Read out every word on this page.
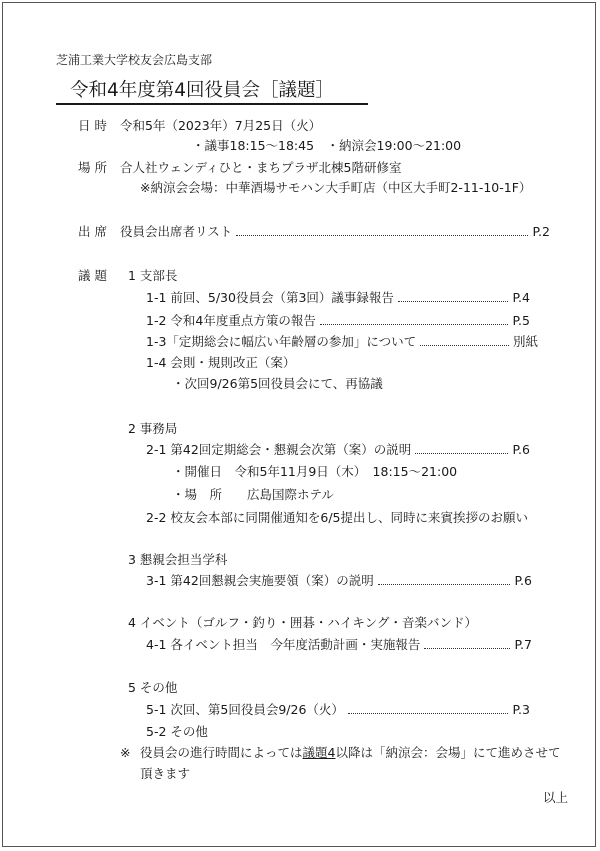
芝浦工業大学校友会広島支部
令和4年度第4回役員会［議題］
日 時 令和5年（2023年）7月25日（火）
・議事18:15～18:45　・納涼会19:00～21:00
場 所 合人社ウェンディひと・まちプラザ北棟5階研修室
※納涼会会場：中華酒場サモハン大手町店（中区大手町2-11-10-1F）
出 席 役員会出席者リスト	P.2
議 題 1 支部長
1-1 前回、5/30役員会（第3回）議事録報告	P.4
1-2 令和4年度重点方策の報告	P.5
1-3「定期総会に幅広い年齢層の参加」について	別紙
1-4 会則・規則改正（案）
・次回9/26第5回役員会にて、再協議
2 事務局
2-1 第42回定期総会・懇親会次第（案）の説明	P.6
・開催日　令和5年11月9日（木）　18:15～21:00
・場　所　　広島国際ホテル
2-2 校友会本部に同開催通知を6/5提出し、同時に来賓挨拶のお願い
3 懇親会担当学科
3-1 第42回懇親会実施要領（案）の説明	P.6
4 イベント（ゴルフ・釣り・囲碁・ハイキング・音楽バンド）
4-1 各イベント担当　今年度活動計画・実施報告	P.7
5 その他
5-1 次回、第5回役員会9/26（火）	P.3
5-2 その他
※ 役員会の進行時間によっては議題4以降は「納涼会：会場」にて進めさせて
頂きます
以上
